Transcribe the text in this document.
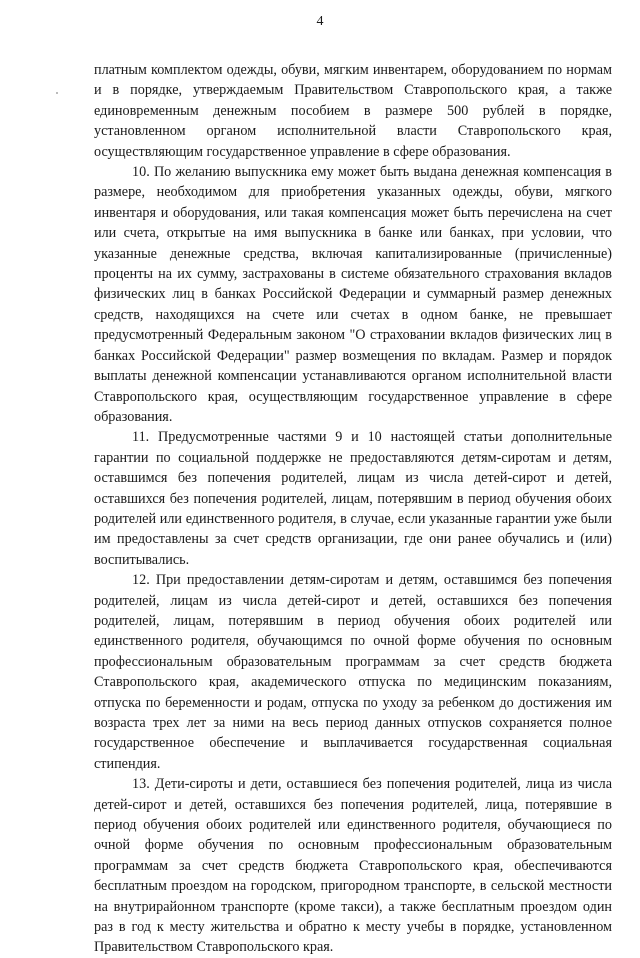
4

платным комплектом одежды, обуви, мягким инвентарем, оборудованием по нормам и в порядке, утверждаемым Правительством Ставропольского края, а также единовременным денежным пособием в размере 500 рублей в порядке, установленном органом исполнительной власти Ставропольского края, осуществляющим государственное управление в сфере образования.

10. По желанию выпускника ему может быть выдана денежная компенсация в размере, необходимом для приобретения указанных одежды, обуви, мягкого инвентаря и оборудования, или такая компенсация может быть перечислена на счет или счета, открытые на имя выпускника в банке или банках, при условии, что указанные денежные средства, включая капитализированные (причисленные) проценты на их сумму, застрахованы в системе обязательного страхования вкладов физических лиц в банках Российской Федерации и суммарный размер денежных средств, находящихся на счете или счетах в одном банке, не превышает предусмотренный Федеральным законом "О страховании вкладов физических лиц в банках Российской Федерации" размер возмещения по вкладам. Размер и порядок выплаты денежной компенсации устанавливаются органом исполнительной власти Ставропольского края, осуществляющим государственное управление в сфере образования.

11. Предусмотренные частями 9 и 10 настоящей статьи дополнительные гарантии по социальной поддержке не предоставляются детям-сиротам и детям, оставшимся без попечения родителей, лицам из числа детей-сирот и детей, оставшихся без попечения родителей, лицам, потерявшим в период обучения обоих родителей или единственного родителя, в случае, если указанные гарантии уже были им предоставлены за счет средств организации, где они ранее обучались и (или) воспитывались.

12. При предоставлении детям-сиротам и детям, оставшимся без попечения родителей, лицам из числа детей-сирот и детей, оставшихся без попечения родителей, лицам, потерявшим в период обучения обоих родителей или единственного родителя, обучающимся по очной форме обучения по основным профессиональным образовательным программам за счет средств бюджета Ставропольского края, академического отпуска по медицинским показаниям, отпуска по беременности и родам, отпуска по уходу за ребенком до достижения им возраста трех лет за ними на весь период данных отпусков сохраняется полное государственное обеспечение и выплачивается государственная социальная стипендия.

13. Дети-сироты и дети, оставшиеся без попечения родителей, лица из числа детей-сирот и детей, оставшихся без попечения родителей, лица, потерявшие в период обучения обоих родителей или единственного родителя, обучающиеся по очной форме обучения по основным профессиональным образовательным программам за счет средств бюджета Ставропольского края, обеспечиваются бесплатным проездом на городском, пригородном транспорте, в сельской местности на внутрирайонном транспорте (кроме такси), а также бесплатным проездом один раз в год к месту жительства и обратно к месту учебы в порядке, установленном Правительством Ставропольского края.
